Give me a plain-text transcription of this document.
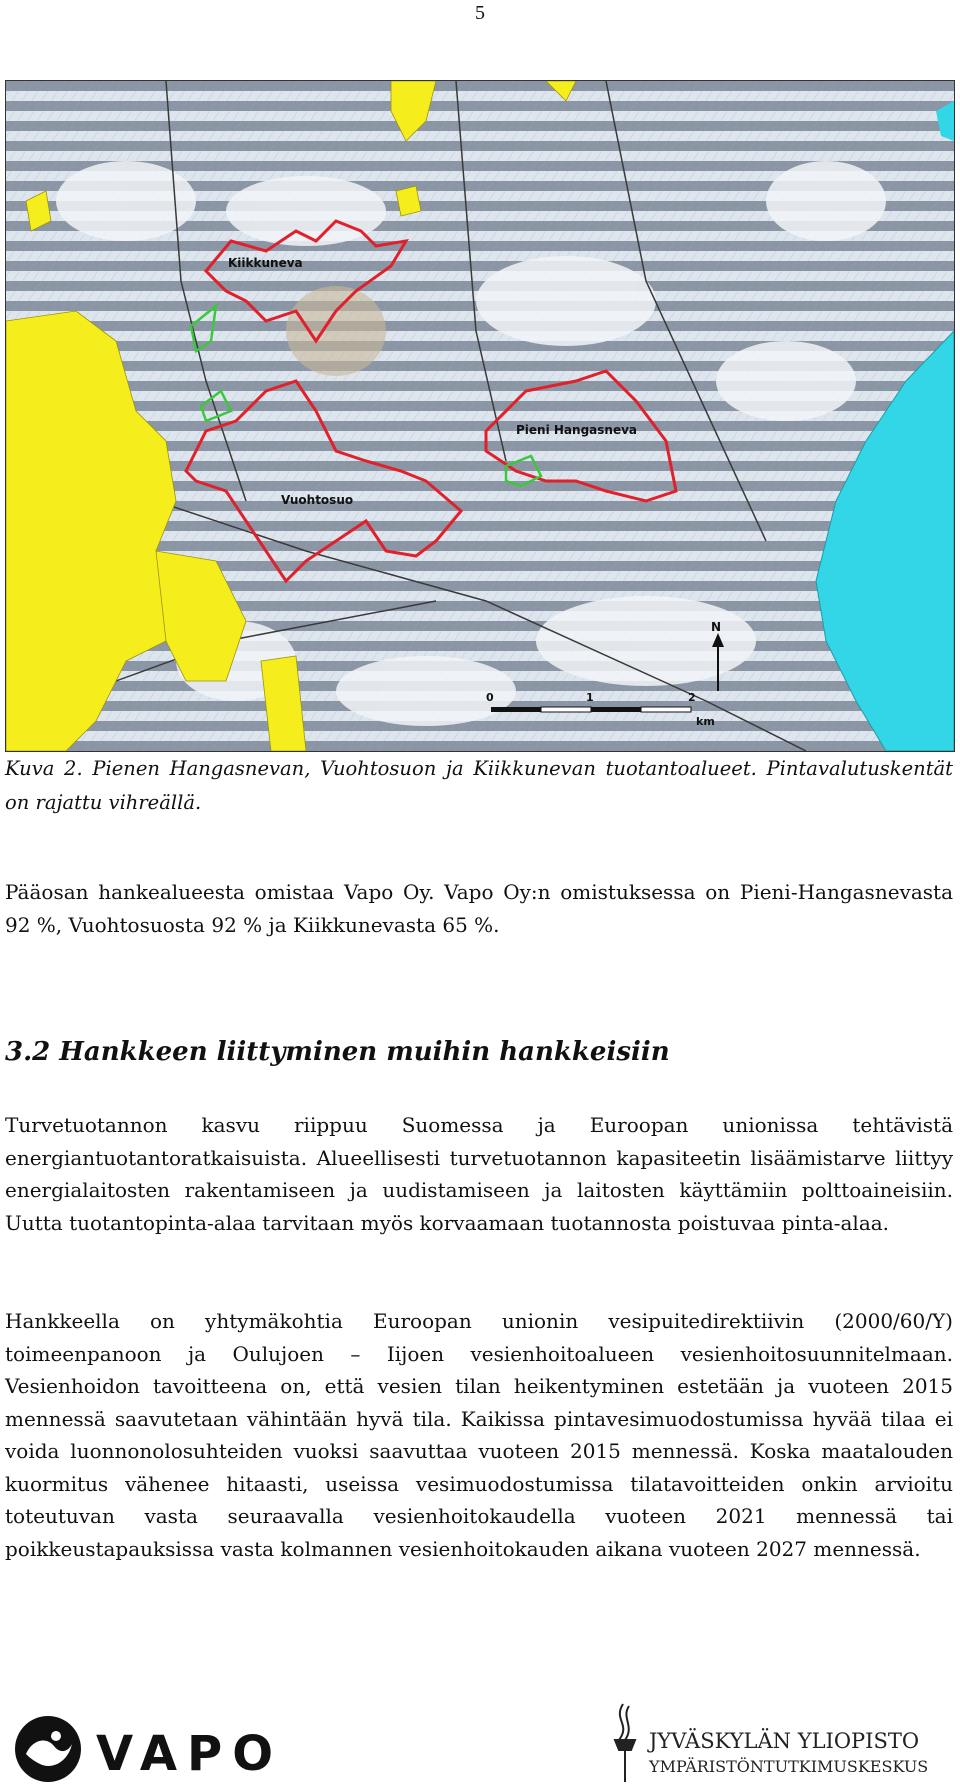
5
Kiikkuneva
Pieni Hangasneva
Vuohtosuo
N
0	1	2
km
Kuva 2. Pienen Hangasnevan, Vuohtosuon ja Kiikkunevan tuotantoalueet. Pintavalutuskentät on rajattu vihreällä.

Pääosan hankealueesta omistaa Vapo Oy. Vapo Oy:n omistuksessa on Pieni-Hangasnevasta 92 %, Vuohtosuosta 92 % ja Kiikkunevasta 65 %.

3.2 Hankkeen liittyminen muihin hankkeisiin

Turvetuotannon kasvu riippuu Suomessa ja Euroopan unionissa tehtävistä energiantuotantoratkaisuista. Alueellisesti turvetuotannon kapasiteetin lisäämistarve liittyy energialaitosten rakentamiseen ja uudistamiseen ja laitosten käyttämiin polttoaineisiin. Uutta tuotantopinta-alaa tarvitaan myös korvaamaan tuotannosta poistuvaa pinta-alaa.

Hankkeella on yhtymäkohtia Euroopan unionin vesipuitedirektiivin (2000/60/Y) toimeenpanoon ja Oulujoen – Iijoen vesienhoitoalueen vesienhoitosuunnitelmaan. Vesienhoidon tavoitteena on, että vesien tilan heikentyminen estetään ja vuoteen 2015 mennessä saavutetaan vähintään hyvä tila. Kaikissa pintavesimuodostumissa hyvää tilaa ei voida luonnonolosuhteiden vuoksi saavuttaa vuoteen 2015 mennessä. Koska maatalouden kuormitus vähenee hitaasti, useissa vesimuodostumissa tilatavoitteiden onkin arvioitu toteutuvan vasta seuraavalla vesienhoitokaudella vuoteen 2021 mennessä tai poikkeustapauksissa vasta kolmannen vesienhoitokauden aikana vuoteen 2027 mennessä.

VAPO	JYVÄSKYLÄN YLIOPISTO
YMPÄRISTÖNTUTKIMUSKESKUS
